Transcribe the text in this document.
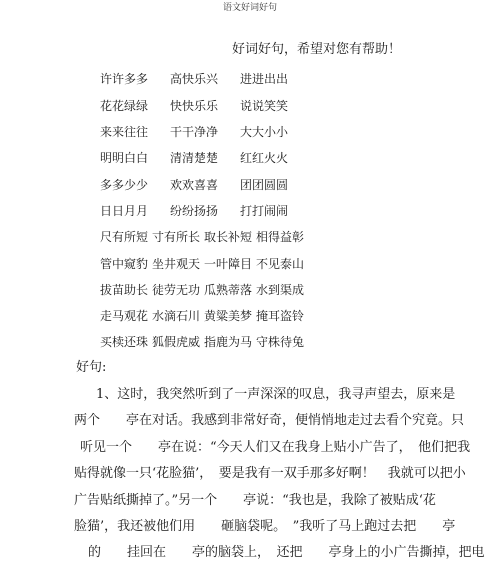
语文好词好句
好词好句，希望对您有帮助！
许许多多 高快乐兴 进进出出
花花绿绿 快快乐乐 说说笑笑
来来往往 干干净净 大大小小
明明白白 清清楚楚 红红火火
多多少少 欢欢喜喜 团团圆圆
日日月月 纷纷扬扬 打打闹闹
尺有所短 寸有所长 取长补短 相得益彰
管中窥豹 坐井观天 一叶障目 不见泰山
拔苗助长 徒劳无功 瓜熟蒂落 水到渠成
走马观花 水滴石川 黄粱美梦 掩耳盗铃
买椟还珠 狐假虎威 指鹿为马 守株待兔
好句:
1、这时，我突然听到了一声深深的叹息，我寻声望去，原来是
两个　　亭在对话。我感到非常好奇，便悄悄地走过去看个究竟。只
听见一个　　亭在说：“今天人们又在我身上贴小广告了，　他们把我
贴得就像一只‘花脸猫’，　要是我有一双手那多好啊！　我就可以把小
广告贴纸撕掉了。”另一个　　亭说：“我也是，我除了被贴成‘花
脸猫’，我还被他们用　　砸脑袋呢。　”我听了马上跑过去把　　亭
的　　挂回在　　亭的脑袋上，　还把　　亭身上的小广告撕掉，把电
